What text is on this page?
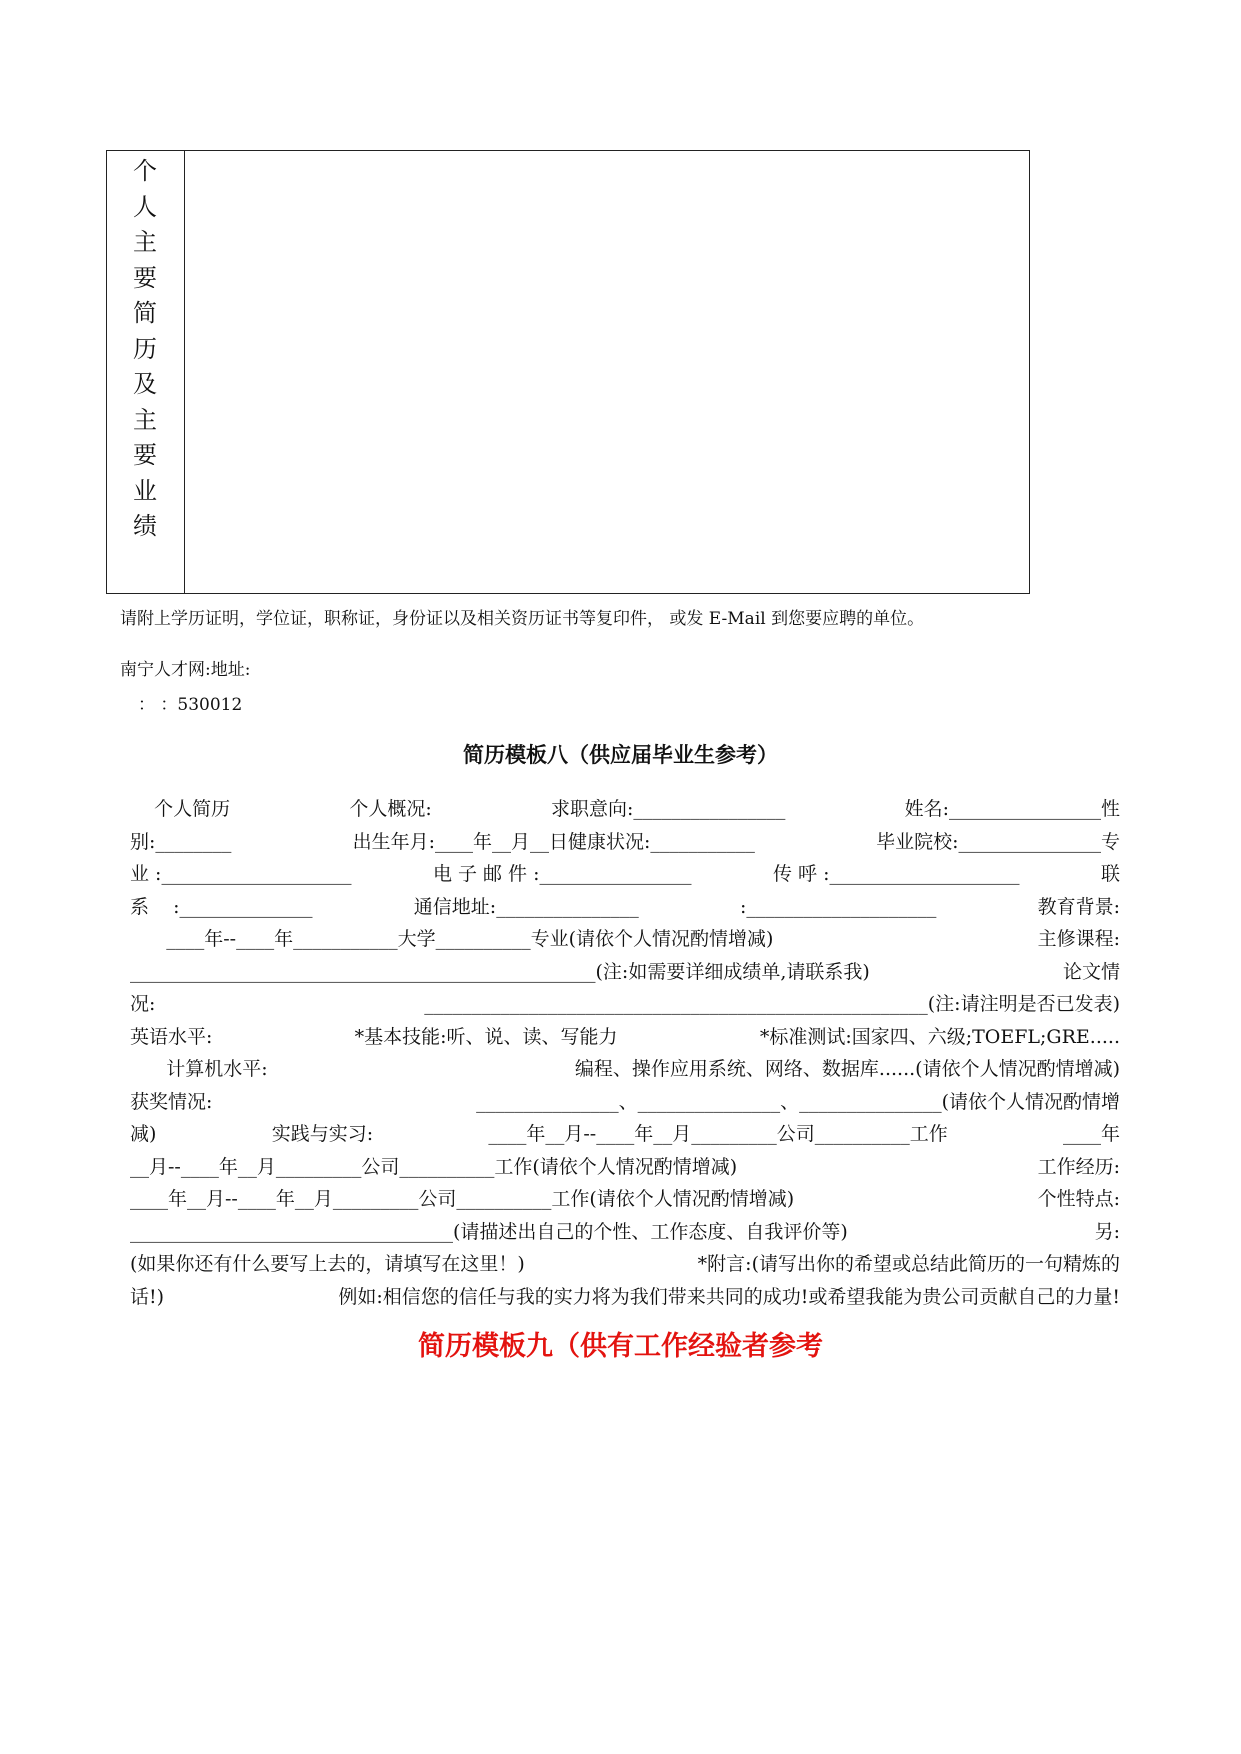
个
人
主
要
简
历
及
主
要
业
绩
请附上学历证明，学位证，职称证，身份证以及相关资历证书等复印件， 或发 E-Mail 到您要应聘的单位。
南宁人才网:地址:
： ：530012
简历模板八（供应届毕业生参考）
个人简历	个人概况:	求职意向:________________	姓名:________________性
别:________	出生年月:____年__月__日健康状况:___________	毕业院校:_______________专
业 :____________________	电 子 邮 件 :________________	传 呼 :____________________	联
系    :______________	通信地址:_______________	:____________________	教育背景:
____年--____年___________大学__________专业(请依个人情况酌情增减)	主修课程:
_________________________________________________(注:如需要详细成绩单,请联系我)	论文情
况:	_____________________________________________________(注:请注明是否已发表)
英语水平:	*基本技能:听、说、读、写能力	*标准测试:国家四、六级;TOEFL;GRE.....
计算机水平:	编程、操作应用系统、网络、数据库......(请依个人情况酌情增减)
获奖情况:	_______________、_______________、_______________(请依个人情况酌情增
减)	实践与实习:	____年__月--____年__月_________公司__________工作	____年
__月--____年__月_________公司__________工作(请依个人情况酌情增减)	工作经历:
____年__月--____年__月_________公司__________工作(请依个人情况酌情增减)	个性特点:
__________________________________(请描述出自己的个性、工作态度、自我评价等)	另:
(如果你还有什么要写上去的，请填写在这里！)	*附言:(请写出你的希望或总结此简历的一句精炼的
话!)	例如:相信您的信任与我的实力将为我们带来共同的成功!或希望我能为贵公司贡献自己的力量!
简历模板九（供有工作经验者参考
